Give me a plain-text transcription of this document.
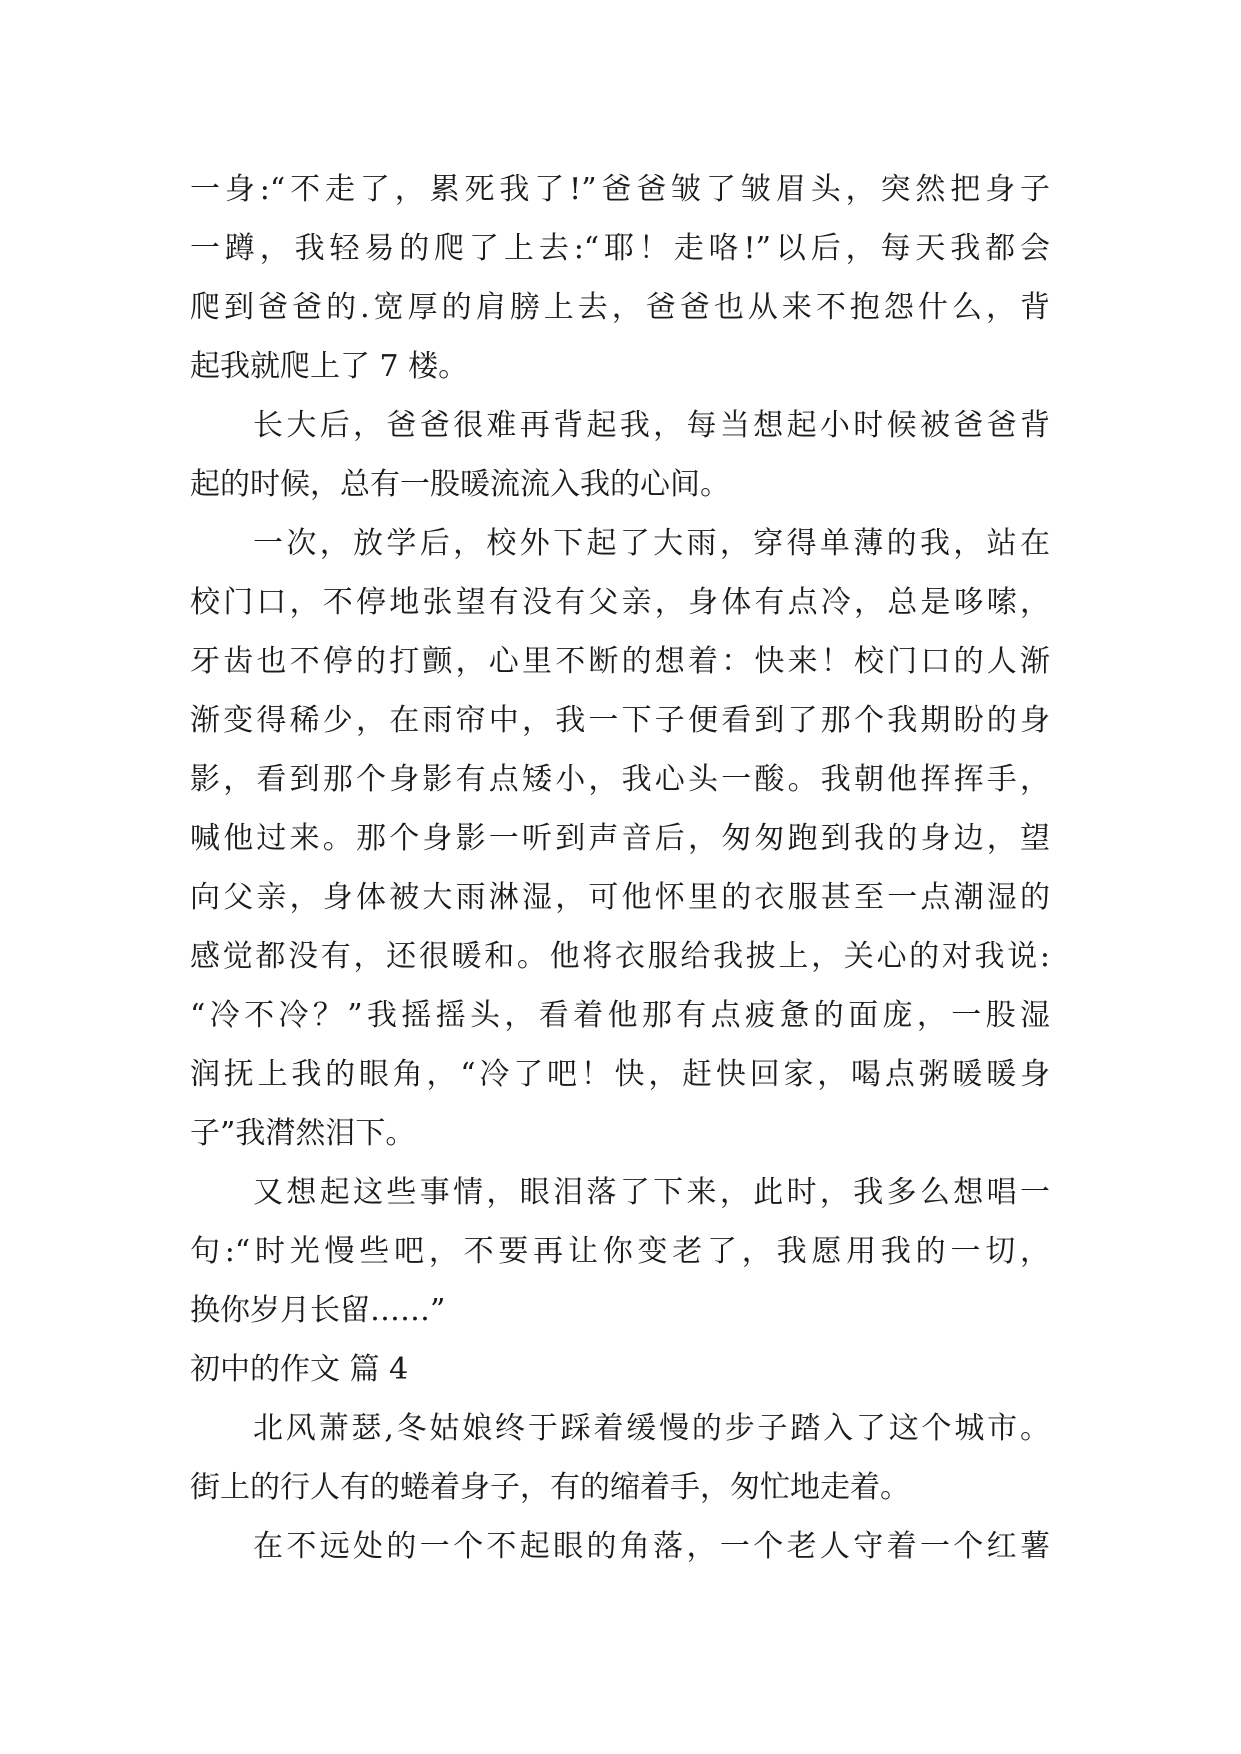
一身:“不走了，累死我了!”爸爸皱了皱眉头，突然把身子
一蹲，我轻易的爬了上去:“耶！走咯!”以后，每天我都会
爬到爸爸的.宽厚的肩膀上去，爸爸也从来不抱怨什么，背
起我就爬上了 7 楼。
长大后，爸爸很难再背起我，每当想起小时候被爸爸背
起的时候，总有一股暖流流入我的心间。
一次，放学后，校外下起了大雨，穿得单薄的我，站在
校门口，不停地张望有没有父亲，身体有点冷，总是哆嗦，
牙齿也不停的打颤，心里不断的想着：快来！校门口的人渐
渐变得稀少，在雨帘中，我一下子便看到了那个我期盼的身
影，看到那个身影有点矮小，我心头一酸。我朝他挥挥手，
喊他过来。那个身影一听到声音后，匆匆跑到我的身边，望
向父亲，身体被大雨淋湿，可他怀里的衣服甚至一点潮湿的
感觉都没有，还很暖和。他将衣服给我披上，关心的对我说:
“冷不冷？”我摇摇头，看着他那有点疲惫的面庞，一股湿
润抚上我的眼角，“冷了吧！快，赶快回家，喝点粥暖暖身
子”我潸然泪下。
又想起这些事情，眼泪落了下来，此时，我多么想唱一
句:“时光慢些吧，不要再让你变老了，我愿用我的一切，
换你岁月长留……”
初中的作文 篇 4
北风萧瑟,冬姑娘终于踩着缓慢的步子踏入了这个城市。
街上的行人有的蜷着身子，有的缩着手，匆忙地走着。
在不远处的一个不起眼的角落，一个老人守着一个红薯
